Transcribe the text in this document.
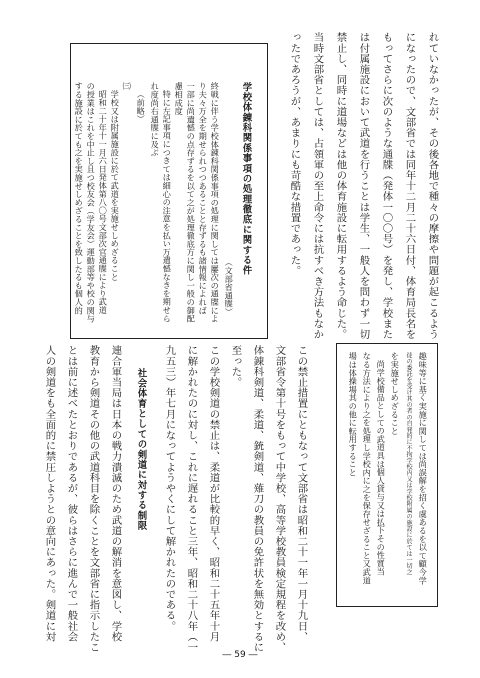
れていなかったが、その後各地で種々の摩擦や問題が起こるよう
になったので、文部省では同年十二月二十六日付、体育局長名を
もってさらに次のような通牒（発体一〇〇号）を発し、学校また
は付属施設において武道を行うことは学生、一般人を問わず一切
禁止し、同時に道場などは他の体育施設に転用するよう命じた。
当時文部省としては、占領軍の至上命令には抗すべき方法もなか
ったであろうが、あまりにも苛酷な措置であった。
学校体錬科関係事項の処理徹底に関する件
（文部省通牒）
終戦に伴う学校体錬科関係事項の処理に関しては屢次の通牒によ
り夫々万全を期せられつつあることと存ずるも諸情報によれば
一部に尚遺憾の点存ずるを以て之が処理徹底方に関し一般の御配
慮相成度
特に左記事項につきては細心の注意を払い万遺憾なきを期せら
れ度尚右通牒に及ぶ
（前略）
㈢
学校又は附属施設に於て武道を実施せしめざること
昭和二十年十一月六日発体第八〇号文部次官通牒により武道
の授業はこれを中止し且つ校友会（学友会）運動部等や校の関与
する施設に於ても之を実施せしめざることを致したるも個人的
趣味等に基く実施に関しては尚誤解を招く虞あるを以て顧今学
徒の委託を受け其の者の自発的に不拘学校内又は学校附属の施設に於ては一切之
を実施せしめざること
尚学校備品としての武道具は個人貸与又は払下その性質当
なる方法により之を処理し学校内に之を保存せざること又武道
場は体操場其の他に転用すること
この禁止措置にともなって文部省は昭和二十一年一月十九日、
文部省令第十号をもって中学校、高等学校教員検定規程を改め、
体錬科剣道、柔道、銃剣道、薙刀の教員の免許状を無効とするに
至った。
この学校剣道の禁止は、柔道が比較的早く、昭和二十五年十月
に解かれたのに対し、これに遅れること三年、昭和二十八年（一
九五三）年七月になってようやくにして解かれたのである。
社会体育としての剣道に対する制限
連合軍当局は日本の戦力潰滅のため武道の解消を意図し、学校
教育から剣道その他の武道科目を除くことを文部省に指示したこ
とは前に述べたとおりであるが、彼らはさらに進んで一般社会
人の剣道をも全面的に禁圧しようとの意向にあった。剣道に対
― 59 ―
